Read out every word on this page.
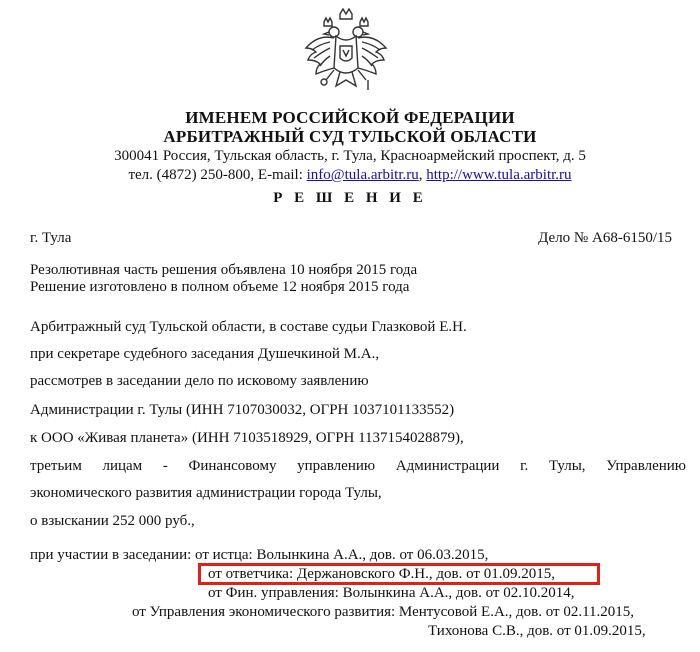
ИМЕНЕМ РОССИЙСКОЙ ФЕДЕРАЦИИ
АРБИТРАЖНЫЙ СУД ТУЛЬСКОЙ ОБЛАСТИ
300041 Россия, Тульская область, г. Тула, Красноармейский проспект, д. 5
тел. (4872) 250-800, E-mail: info@tula.arbitr.ru, http://www.tula.arbitr.ru
Р Е Ш Е Н И Е
г. Тула	Дело № А68-6150/15
Резолютивная часть решения объявлена 10 ноября 2015 года
Решение изготовлено в полном объеме 12 ноября 2015 года
Арбитражный суд Тульской области, в составе судьи Глазковой Е.Н.
при секретаре судебного заседания Душечкиной М.А.,
рассмотрев в заседании дело по исковому заявлению
Администрации г. Тулы (ИНН 7107030032, ОГРН 1037101133552)
к ООО «Живая планета» (ИНН 7103518929, ОГРН 1137154028879),
третьим лицам - Финансовому управлению Администрации г. Тулы, Управлению
экономического развития администрации города Тулы,
о взыскании 252 000 руб.,
при участии в заседании: от истца: Волынкина А.А., дов. от 06.03.2015,
от ответчика: Держановского Ф.Н., дов. от 01.09.2015,
от Фин. управления: Волынкина А.А., дов. от 02.10.2014,
от Управления экономического развития: Ментусовой Е.А., дов. от 02.11.2015,
Тихонова С.В., дов. от 01.09.2015,
